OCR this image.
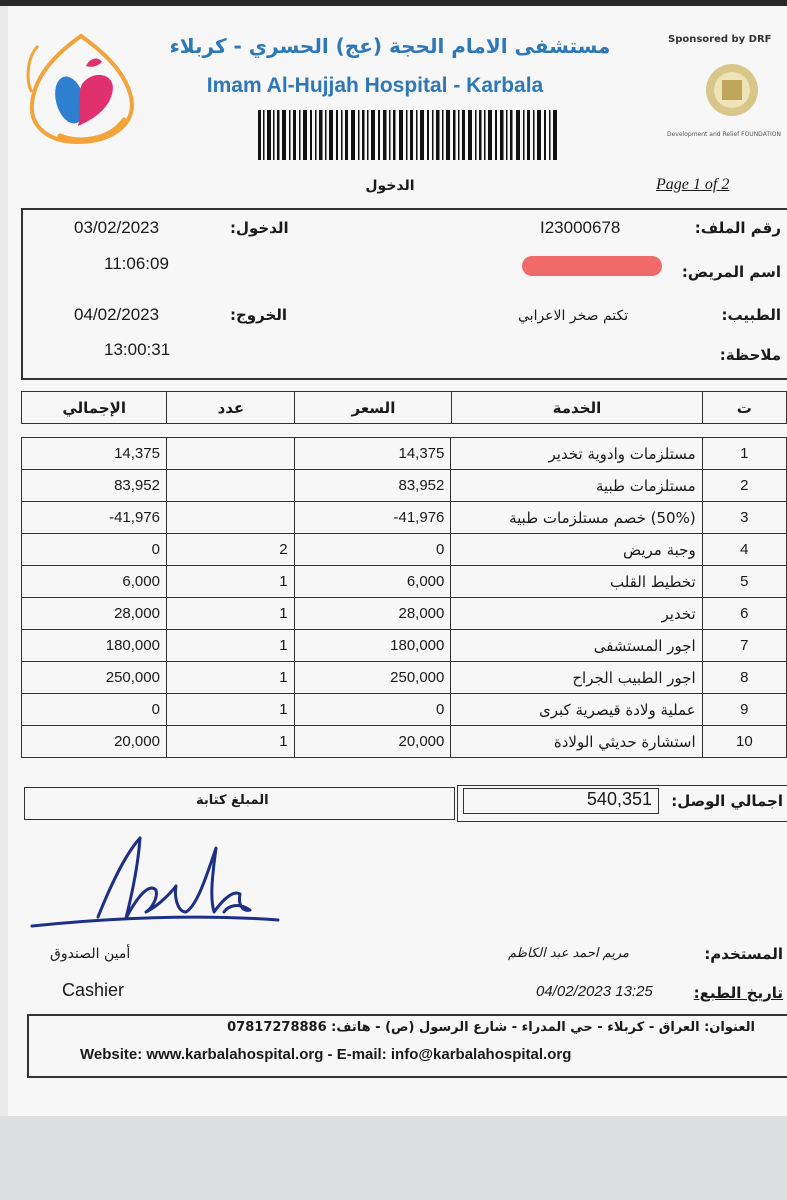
مستشفى الامام الحجة (عج) الحسري - كربلاء
Imam Al-Hujjah Hospital - Karbala
Sponsored by DRF
Development and Relief FOUNDATION
الدخول	Page 1 of 2
03/02/2023	الدخول:
11:06:09
04/02/2023	الخروج:
13:00:31
I23000678	رقم الملف:
اسم المريض:
تكتم صخر الاعرابي	الطبيب:
ملاحظة:
الإجمالي	عدد	السعر	الخدمة	ت
14,375		14,375	مستلزمات وادوية تخدير	1
83,952		83,952	مستلزمات طبية	2
-41,976		-41,976	(50%) خصم مستلزمات طبية	3
0	2	0	وجبة مريض	4
6,000	1	6,000	تخطيط القلب	5
28,000	1	28,000	تخدير	6
180,000	1	180,000	اجور المستشفى	7
250,000	1	250,000	اجور الطبيب الجراح	8
0	1	0	عملية ولادة قيصرية كبرى	9
20,000	1	20,000	استشارة حديثي الولادة	10
المبلغ كتابة	540,351	اجمالي الوصل:
أمين الصندوق
Cashier
مريم احمد عبد الكاظم	المستخدم:
04/02/2023 13:25	تاريخ الطبع:
العنوان: العراق - كربلاء - حي المدراء - شارع الرسول (ص) - هاتف: 07817278886
Website: www.karbalahospital.org - E-mail: info@karbalahospital.org
